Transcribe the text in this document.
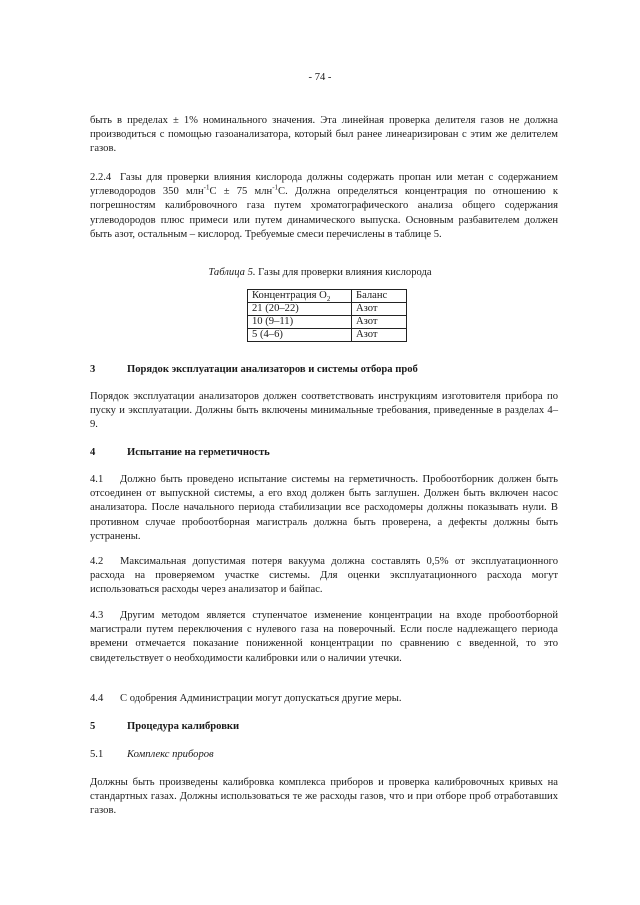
- 74 -

быть в пределах ± 1% номинального значения. Эта линейная проверка делителя газов не должна производиться с помощью газоанализатора, который был ранее линеаризирован с этим же делителем газов.

2.2.4 Газы для проверки влияния кислорода должны содержать пропан или метан с содержанием углеводородов 350 млн$^{-1}$С ± 75 млн$^{-1}$С. Должна определяться концентрация по отношению к погрешностям калибровочного газа путем хроматографического анализа общего содержания углеводородов плюс примеси или путем динамического выпуска. Основным разбавителем должен быть азот, остальным – кислород. Требуемые смеси перечислены в таблице 5.

Таблица 5. Газы для проверки влияния кислорода
Концентрация $O_2$	Баланс
21 (20–22)	Азот
10 (9–11)	Азот
5 (4–6)	Азот

3	Порядок эксплуатации анализаторов и системы отбора проб

Порядок эксплуатации анализаторов должен соответствовать инструкциям изготовителя прибора по пуску и эксплуатации. Должны быть включены минимальные требования, приведенные в разделах 4–9.

4	Испытание на герметичность

4.1 Должно быть проведено испытание системы на герметичность. Пробоотборник должен быть отсоединен от выпускной системы, а его вход должен быть заглушен. Должен быть включен насос анализатора. После начального периода стабилизации все расходомеры должны показывать нули. В противном случае пробоотборная магистраль должна быть проверена, а дефекты должны быть устранены.

4.2 Максимальная допустимая потеря вакуума должна составлять 0,5% от эксплуатационного расхода на проверяемом участке системы. Для оценки эксплуатационного расхода могут использоваться расходы через анализатор и байпас.

4.3 Другим методом является ступенчатое изменение концентрации на входе пробоотборной магистрали путем переключения с нулевого газа на поверочный. Если после надлежащего периода времени отмечается показание пониженной концентрации по сравнению с введенной, то это свидетельствует о необходимости калибровки или о наличии утечки.

4.4 С одобрения Администрации могут допускаться другие меры.

5	Процедура калибровки

5.1 Комплекс приборов

Должны быть произведены калибровка комплекса приборов и проверка калибровочных кривых на стандартных газах. Должны использоваться те же расходы газов, что и при отборе проб отработавших газов.
